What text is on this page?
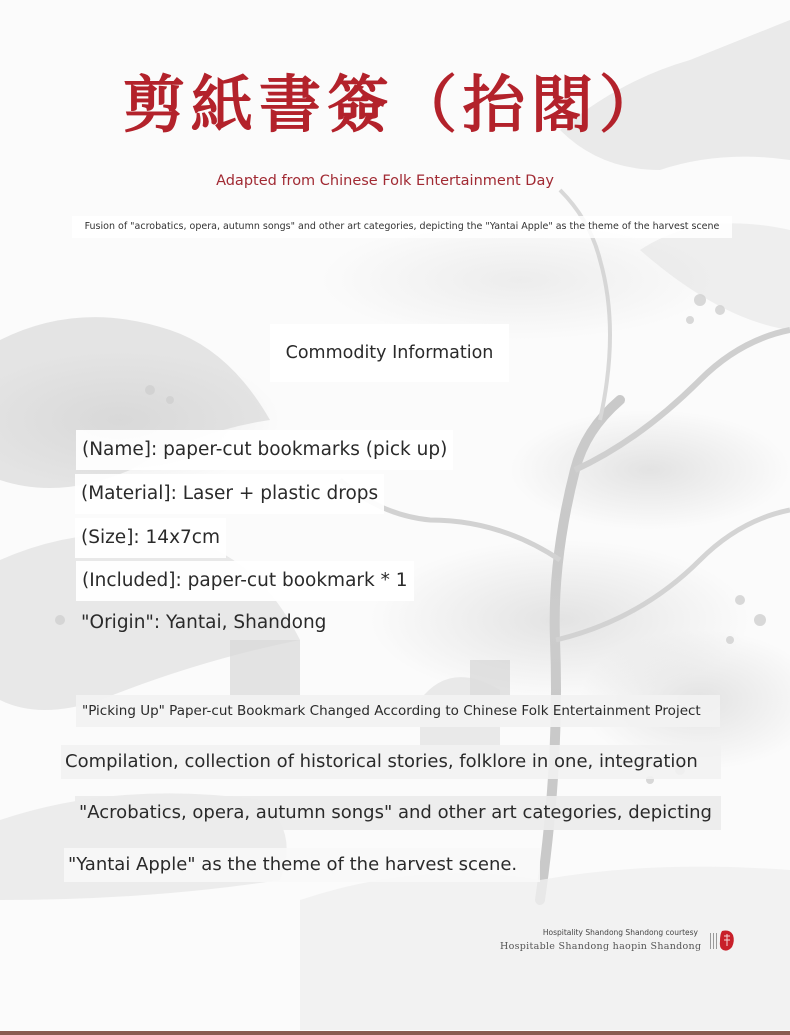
剪紙書簽（抬閣）
Adapted from Chinese Folk Entertainment Day
Fusion of "acrobatics, opera, autumn songs" and other art categories, depicting the "Yantai Apple" as the theme of the harvest scene
Commodity Information
(Name]: paper-cut bookmarks (pick up)
(Material]: Laser + plastic drops
(Size]: 14x7cm
(Included]: paper-cut bookmark * 1
"Origin": Yantai, Shandong
"Picking Up" Paper-cut Bookmark Changed According to Chinese Folk Entertainment Project
Compilation, collection of historical stories, folklore in one, integration
"Acrobatics, opera, autumn songs" and other art categories, depicting
"Yantai Apple" as the theme of the harvest scene.
Hospitality Shandong Shandong courtesy
Hospitable Shandong haopin Shandong
